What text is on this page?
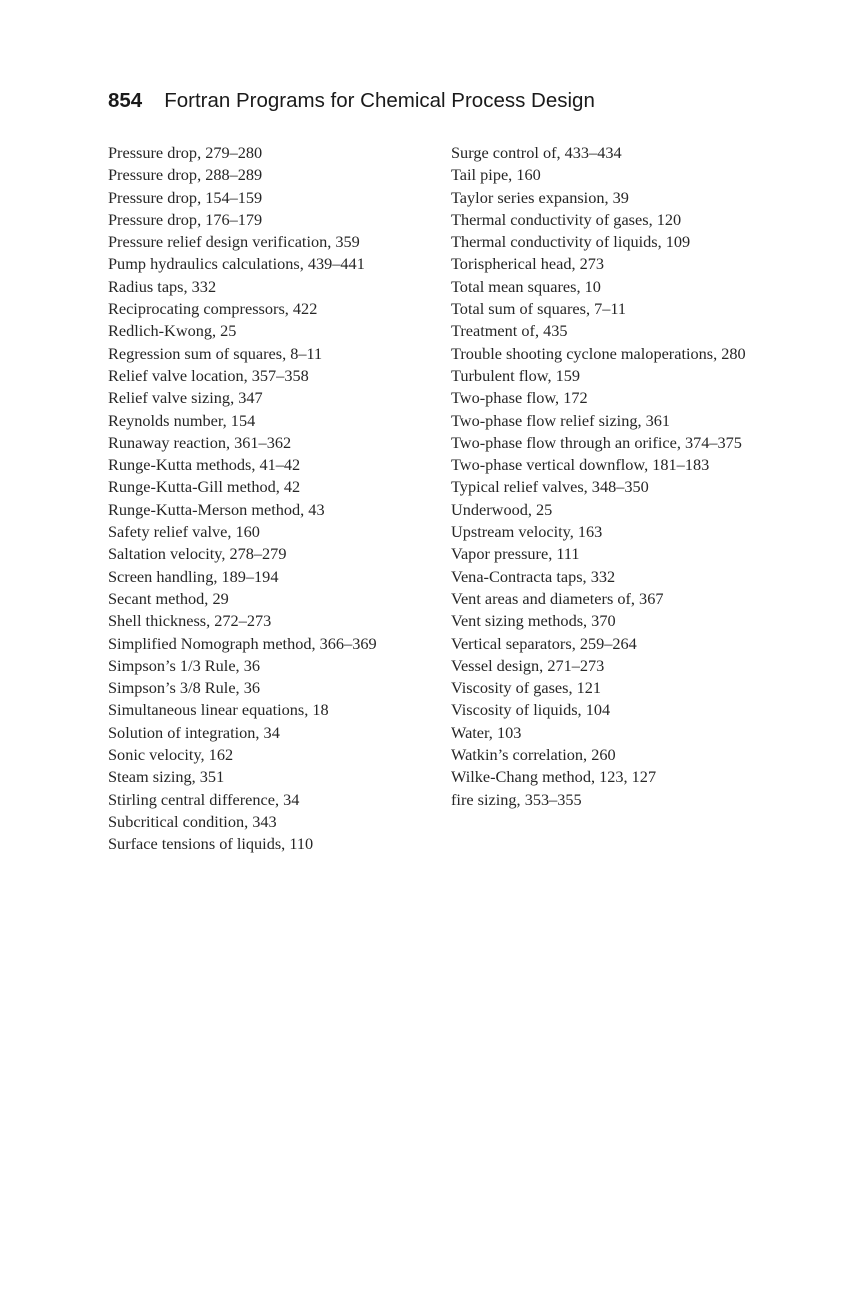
854 Fortran Programs for Chemical Process Design
Pressure drop, 279–280
Pressure drop, 288–289
Pressure drop, 154–159
Pressure drop, 176–179
Pressure relief design verification, 359
Pump hydraulics calculations, 439–441
Radius taps, 332
Reciprocating compressors, 422
Redlich-Kwong, 25
Regression sum of squares, 8–11
Relief valve location, 357–358
Relief valve sizing, 347
Reynolds number, 154
Runaway reaction, 361–362
Runge-Kutta methods, 41–42
Runge-Kutta-Gill method, 42
Runge-Kutta-Merson method, 43
Safety relief valve, 160
Saltation velocity, 278–279
Screen handling, 189–194
Secant method, 29
Shell thickness, 272–273
Simplified Nomograph method, 366–369
Simpson’s 1/3 Rule, 36
Simpson’s 3/8 Rule, 36
Simultaneous linear equations, 18
Solution of integration, 34
Sonic velocity, 162
Steam sizing, 351
Stirling central difference, 34
Subcritical condition, 343
Surface tensions of liquids, 110
Surge control of, 433–434
Tail pipe, 160
Taylor series expansion, 39
Thermal conductivity of gases, 120
Thermal conductivity of liquids, 109
Torispherical head, 273
Total mean squares, 10
Total sum of squares, 7–11
Treatment of, 435
Trouble shooting cyclone maloperations, 280
Turbulent flow, 159
Two-phase flow, 172
Two-phase flow relief sizing, 361
Two-phase flow through an orifice, 374–375
Two-phase vertical downflow, 181–183
Typical relief valves, 348–350
Underwood, 25
Upstream velocity, 163
Vapor pressure, 111
Vena-Contracta taps, 332
Vent areas and diameters of, 367
Vent sizing methods, 370
Vertical separators, 259–264
Vessel design, 271–273
Viscosity of gases, 121
Viscosity of liquids, 104
Water, 103
Watkin’s correlation, 260
Wilke-Chang method, 123, 127
fire sizing, 353–355
